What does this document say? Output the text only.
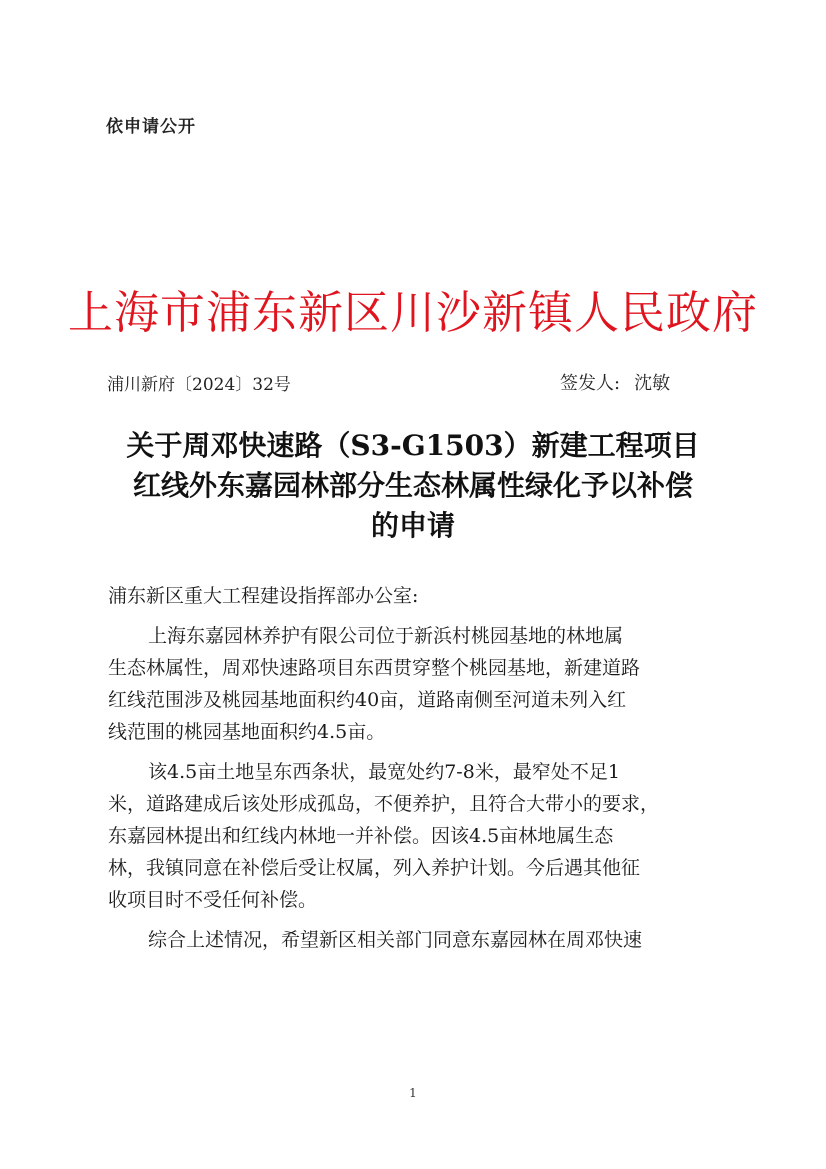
依申请公开
上海市浦东新区川沙新镇人民政府
浦川新府〔2024〕32号	签发人: 沈敏
关于周邓快速路（S3-G1503）新建工程项目
红线外东嘉园林部分生态林属性绿化予以补偿
的申请
浦东新区重大工程建设指挥部办公室:
上海东嘉园林养护有限公司位于新浜村桃园基地的林地属
生态林属性，周邓快速路项目东西贯穿整个桃园基地，新建道路
红线范围涉及桃园基地面积约40亩，道路南侧至河道未列入红
线范围的桃园基地面积约4.5亩。
该4.5亩土地呈东西条状，最宽处约7-8米，最窄处不足1
米，道路建成后该处形成孤岛，不便养护，且符合大带小的要求，
东嘉园林提出和红线内林地一并补偿。因该4.5亩林地属生态
林，我镇同意在补偿后受让权属，列入养护计划。今后遇其他征
收项目时不受任何补偿。
综合上述情况，希望新区相关部门同意东嘉园林在周邓快速
1
